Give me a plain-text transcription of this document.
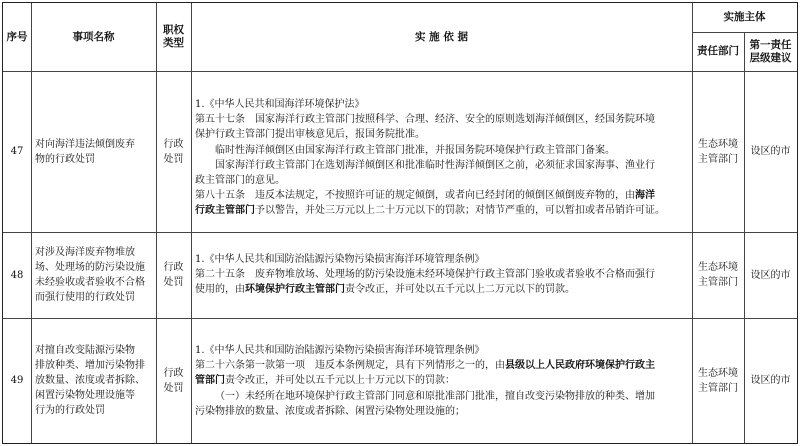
序号	事项名称
职权
类型
实 施 依 据
实施主体
责任部门
第一责任
层级建议
47
对向海洋违法倾倒废弃
物的行政处罚
行政
处罚

1.《中华人民共和国海洋环境保护法》

第五十七条　国家海洋行政主管部门按照科学、合理、经济、安全的原则选划海洋倾倒区，经国务院环境

保护行政主管部门提出审核意见后，报国务院批准。

临时性海洋倾倒区由国家海洋行政主管部门批准，并报国务院环境保护行政主管部门备案。

国家海洋行政主管部门在选划海洋倾倒区和批准临时性海洋倾倒区之前，必须征求国家海事、渔业行

政主管部门的意见。

第八十五条　违反本法规定，不按照许可证的规定倾倒，或者向已经封闭的倾倒区倾倒废弃物的，由海洋

行政主管部门予以警告，并处三万元以上二十万元以下的罚款；对情节严重的，可以暂扣或者吊销许可证。

生态环境
主管部门
设区的市
48
对涉及海洋废弃物堆放
场、处理场的防污染设施
未经验收或者验收不合格
而强行使用的行政处罚
行政
处罚

1.《中华人民共和国防治陆源污染物污染损害海洋环境管理条例》

第二十五条　废弃物堆放场、处理场的防污染设施未经环境保护行政主管部门验收或者验收不合格而强行

使用的，由环境保护行政主管部门责令改正，并可处以五千元以上二万元以下的罚款。

生态环境
主管部门
设区的市
49
对擅自改变陆源污染物
排放种类、增加污染物排
放数量、浓度或者拆除、
闲置污染物处理设施等
行为的行政处罚
行政
处罚

1.《中华人民共和国防治陆源污染物污染损害海洋环境管理条例》

第二十六条第一款第一项　违反本条例规定，具有下列情形之一的，由县级以上人民政府环境保护行政主

管部门责令改正，并可处以五千元以上十万元以下的罚款：

（一）未经所在地环境保护行政主管部门同意和原批准部门批准，擅自改变污染物排放的种类、增加

污染物排放的数量、浓度或者拆除、闲置污染物处理设施的；

生态环境
主管部门
设区的市
